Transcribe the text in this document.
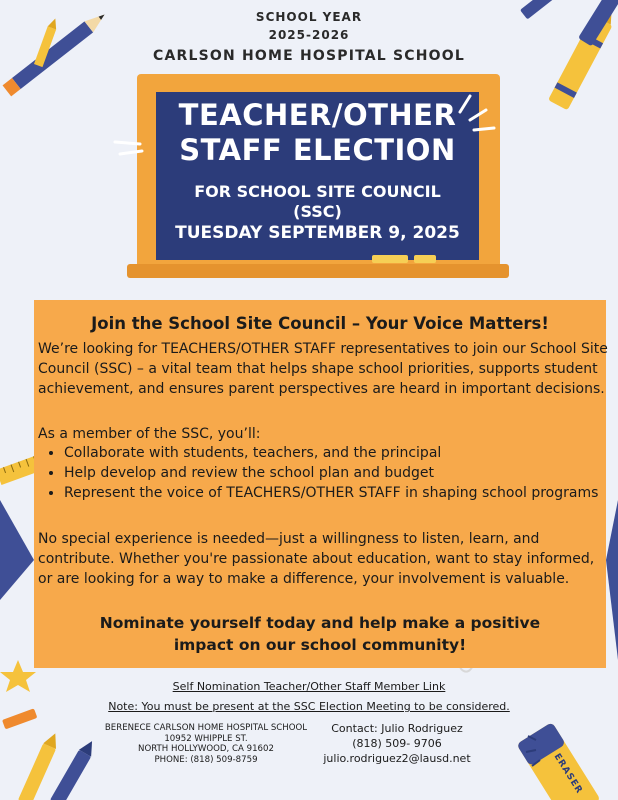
SCHOOL YEAR
2025-2026
CARLSON HOME HOSPITAL SCHOOL
TEACHER/OTHER
STAFF ELECTION
FOR SCHOOL SITE COUNCIL
(SSC)
TUESDAY SEPTEMBER 9, 2025
Join the School Site Council – Your Voice Matters!
We’re looking for TEACHERS/OTHER STAFF representatives to join our School Site Council (SSC) – a vital team that helps shape school priorities, supports student achievement, and ensures parent perspectives are heard in important decisions.
As a member of the SSC, you’ll:
• Collaborate with students, teachers, and the principal
• Help develop and review the school plan and budget
• Represent the voice of TEACHERS/OTHER STAFF in shaping school programs
No special experience is needed—just a willingness to listen, learn, and contribute. Whether you're passionate about education, want to stay informed, or are looking for a way to make a difference, your involvement is valuable.
Nominate yourself today and help make a positive
impact on our school community!
Self Nomination Teacher/Other Staff Member Link
Note: You must be present at the SSC Election Meeting to be considered.
BERENECE CARLSON HOME HOSPITAL SCHOOL
10952 WHIPPLE ST.
NORTH HOLLYWOOD, CA 91602
PHONE: (818) 509-8759
Contact: Julio Rodriguez
(818) 509- 9706
julio.rodriguez2@lausd.net	ERASER
